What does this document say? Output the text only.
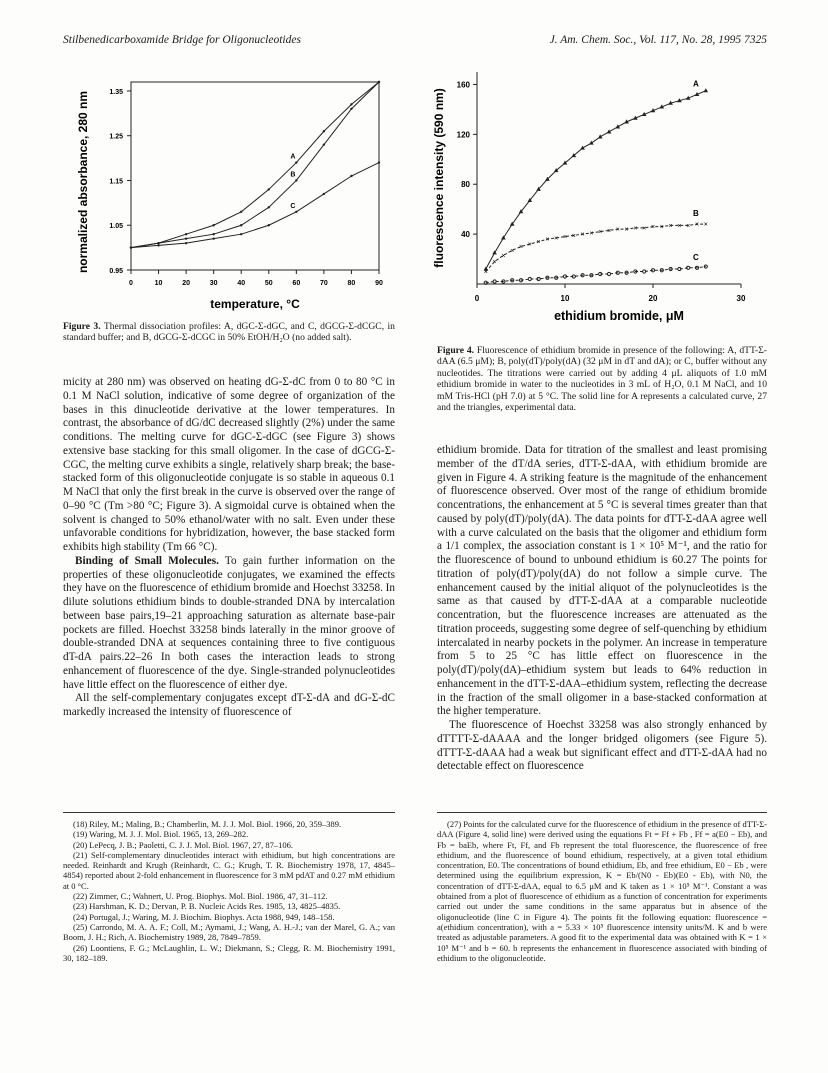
Stilbenedicarboxamide Bridge for Oligonucleotides	J. Am. Chem. Soc., Vol. 117, No. 28, 1995 7325
0	10	20	30	40	50	60	70	80	90
0.95
1.05
1.15
1.25
1.35
temperature, °C
normalized absorbance, 280 nm	A
B
C
Figure 3. Thermal dissociation profiles: A, dGC-Σ-dGC, and C, dGCG-Σ-dCGC, in standard buffer; and B, dGCG-Σ-dCGC in 50% EtOH/H₂O (no added salt).
0	10	20	30
40
80
120
160
ethidium bromide, μM
fluorescence intensity (590 nm)
A
×
×
×
×
× × × × × × × × × × × × × × × × × × × × × ×
B
C
Figure 4. Fluorescence of ethidium bromide in presence of the following: A, dTT-Σ-dAA (6.5 μM); B, poly(dT)/poly(dA) (32 μM in dT and dA); or C, buffer without any nucleotides. The titrations were carried out by adding 4 μL aliquots of 1.0 mM ethidium bromide in water to the nucleotides in 3 mL of H₂O, 0.1 M NaCl, and 10 mM Tris-HCl (pH 7.0) at 5 °C. The solid line for A represents a calculated curve, 27 and the triangles, experimental data.

micity at 280 nm) was observed on heating dG-Σ-dC from 0 to 80 °C in 0.1 M NaCl solution, indicative of some degree of organization of the bases in this dinucleotide derivative at the lower temperatures. In contrast, the absorbance of dG/dC decreased slightly (2%) under the same conditions. The melting curve for dGC-Σ-dGC (see Figure 3) shows extensive base stacking for this small oligomer. In the case of dGCG-Σ-CGC, the melting curve exhibits a single, relatively sharp break; the base-stacked form of this oligonucleotide conjugate is so stable in aqueous 0.1 M NaCl that only the first break in the curve is observed over the range of 0–90 °C (Tm >80 °C; Figure 3). A sigmoidal curve is obtained when the solvent is changed to 50% ethanol/water with no salt. Even under these unfavorable conditions for hybridization, however, the base stacked form exhibits high stability (Tm 66 °C).

Binding of Small Molecules. To gain further information on the properties of these oligonucleotide conjugates, we examined the effects they have on the fluorescence of ethidium bromide and Hoechst 33258. In dilute solutions ethidium binds to double-stranded DNA by intercalation between base pairs,19–21 approaching saturation as alternate base-pair pockets are filled. Hoechst 33258 binds laterally in the minor groove of double-stranded DNA at sequences containing three to five contiguous dT-dA pairs.22–26 In both cases the interaction leads to strong enhancement of fluorescence of the dye. Single-stranded polynucleotides have little effect on the fluorescence of either dye.

All the self-complementary conjugates except dT-Σ-dA and dG-Σ-dC markedly increased the intensity of fluorescence of

ethidium bromide. Data for titration of the smallest and least promising member of the dT/dA series, dTT-Σ-dAA, with ethidium bromide are given in Figure 4. A striking feature is the magnitude of the enhancement of fluorescence observed. Over most of the range of ethidium bromide concentrations, the enhancement at 5 °C is several times greater than that caused by poly(dT)/poly(dA). The data points for dTT-Σ-dAA agree well with a curve calculated on the basis that the oligomer and ethidium form a 1/1 complex, the association constant is 1 × 10⁵ M⁻¹, and the ratio for the fluorescence of bound to unbound ethidium is 60.27 The points for titration of poly(dT)/poly(dA) do not follow a simple curve. The enhancement caused by the initial aliquot of the polynucleotides is the same as that caused by dTT-Σ-dAA at a comparable nucleotide concentration, but the fluorescence increases are attenuated as the titration proceeds, suggesting some degree of self-quenching by ethidium intercalated in nearby pockets in the polymer. An increase in temperature from 5 to 25 °C has little effect on fluorescence in the poly(dT)/poly(dA)–ethidium system but leads to 64% reduction in enhancement in the dTT-Σ-dAA–ethidium system, reflecting the decrease in the fraction of the small oligomer in a base-stacked conformation at the higher temperature.

The fluorescence of Hoechst 33258 was also strongly enhanced by dTTTT-Σ-dAAAA and the longer bridged oligomers (see Figure 5). dTTT-Σ-dAAA had a weak but significant effect and dTT-Σ-dAA had no detectable effect on fluorescence

(18) Riley, M.; Maling, B.; Chamberlin, M. J. J. Mol. Biol. 1966, 20, 359–389.

(19) Waring, M. J. J. Mol. Biol. 1965, 13, 269–282.

(20) LePecq, J. B.; Paoletti, C. J. J. Mol. Biol. 1967, 27, 87–106.

(21) Self-complementary dinucleotides interact with ethidium, but high concentrations are needed. Reinhardt and Krugh (Reinhardt, C. G.; Krugh, T. R. Biochemistry 1978, 17, 4845–4854) reported about 2-fold enhancement in fluorescence for 3 mM pdAT and 0.27 mM ethidium at 0 °C.

(22) Zimmer, C.; Wahnert, U. Prog. Biophys. Mol. Biol. 1986, 47, 31–112.

(23) Harshman, K. D.; Dervan, P. B. Nucleic Acids Res. 1985, 13, 4825–4835.

(24) Portugal, J.; Waring, M. J. Biochim. Biophys. Acta 1988, 949, 148–158.

(25) Carrondo, M. A. A. F.; Coll, M.; Aymami, J.; Wang, A. H.-J.; van der Marel, G. A.; van Boom, J. H.; Rich, A. Biochemistry 1989, 28, 7849–7859.

(26) Loontiens, F. G.; McLaughlin, L. W.; Diekmann, S.; Clegg, R. M. Biochemistry 1991, 30, 182–189.

(27) Points for the calculated curve for the fluorescence of ethidium in the presence of dTT-Σ-dAA (Figure 4, solid line) were derived using the equations Ft = Ff + Fb , Ff = a(E0 − Eb), and Fb = baEb, where Ft, Ff, and Fb represent the total fluorescence, the fluorescence of free ethidium, and the fluorescence of bound ethidium, respectively, at a given total ethidium concentration, E0. The concentrations of bound ethidium, Eb, and free ethidium, E0 − Eb , were determined using the equilibrium expression, K = Eb/(N0 - Eb)(E0 - Eb), with N0, the concentration of dTT-Σ-dAA, equal to 6.5 μM and K taken as 1 × 10⁵ M⁻¹. Constant a was obtained from a plot of fluorescence of ethidium as a function of concentration for experiments carried out under the same conditions in the same apparatus but in absence of the oligonucleotide (line C in Figure 4). The points fit the following equation: fluorescence = a(ethidium concentration), with a = 5.33 × 10⁵ fluorescence intensity units/M. K and b were treated as adjustable parameters. A good fit to the experimental data was obtained with K = 1 × 10⁵ M⁻¹ and b = 60. b represents the enhancement in fluorescence associated with binding of ethidium to the oligonucleotide.
